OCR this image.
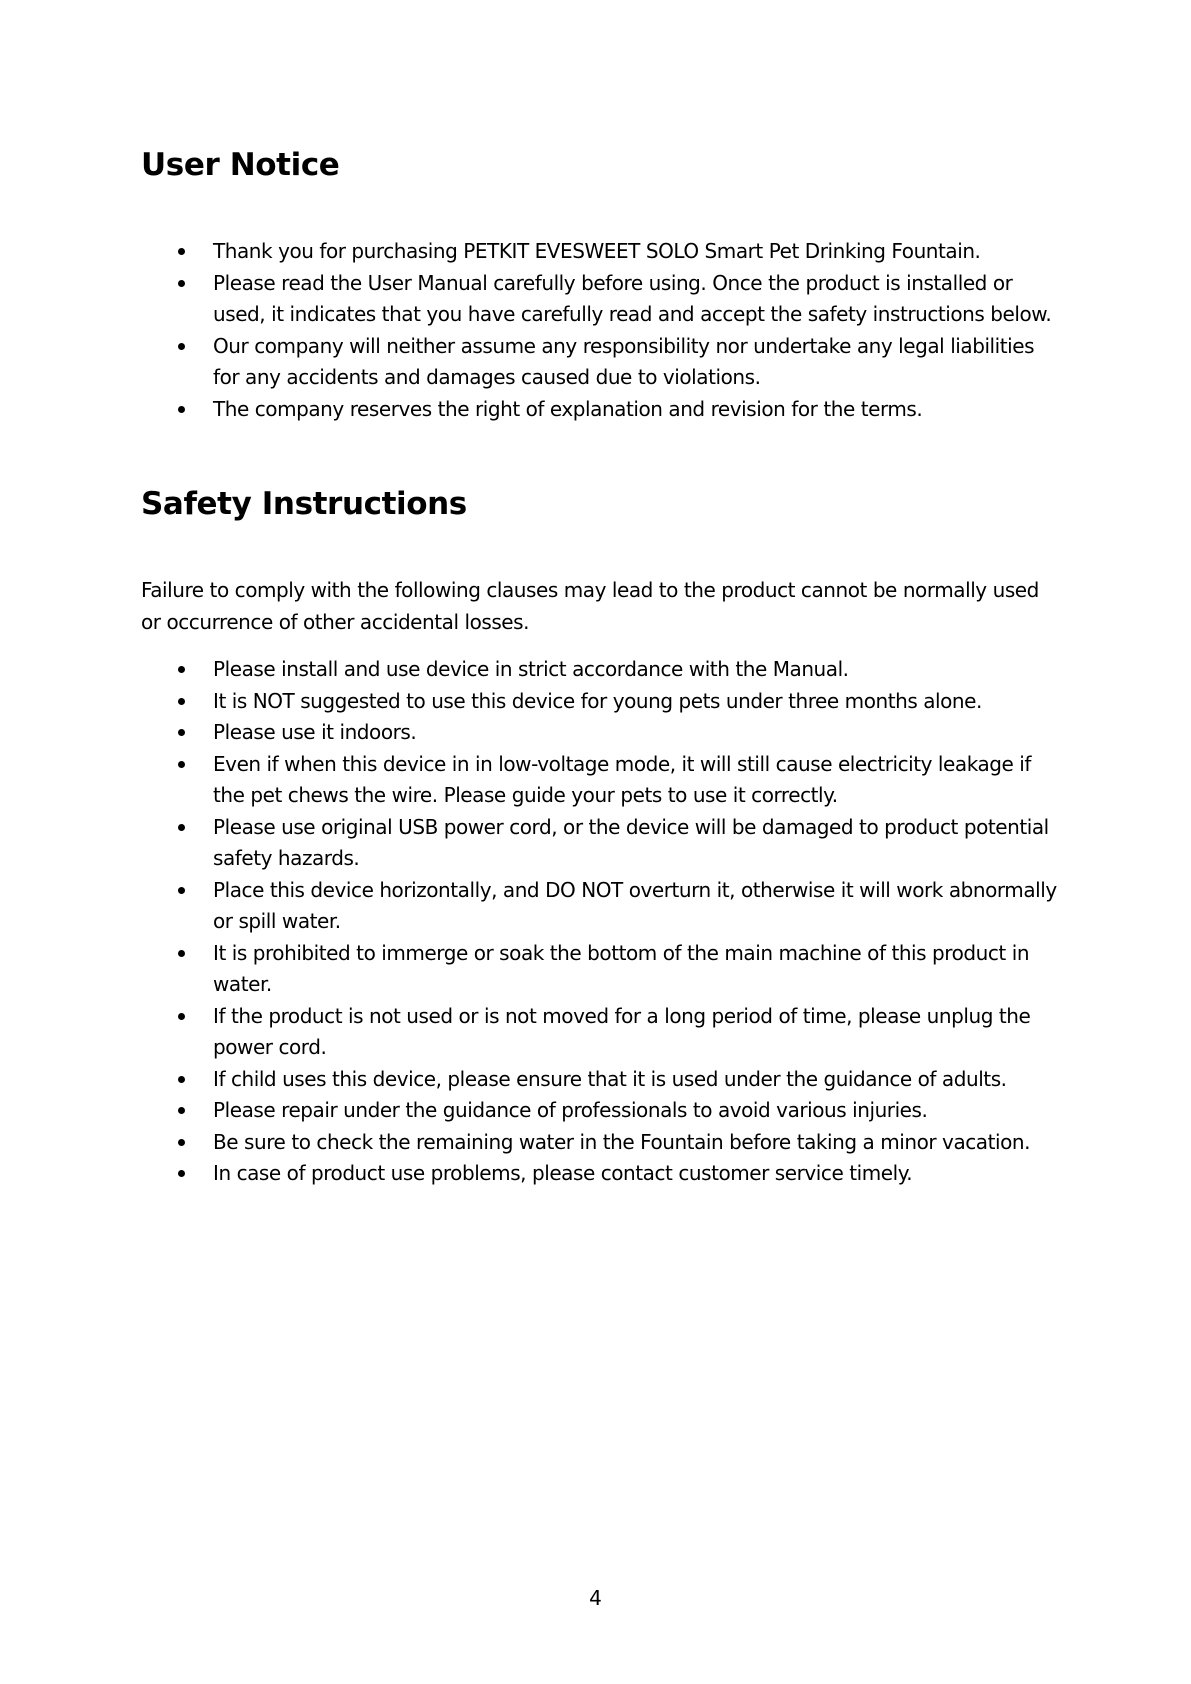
User Notice
Thank you for purchasing PETKIT EVESWEET SOLO Smart Pet Drinking Fountain.
Please read the User Manual carefully before using. Once the product is installed or used, it indicates that you have carefully read and accept the safety instructions below.
Our company will neither assume any responsibility nor undertake any legal liabilities for any accidents and damages caused due to violations.
The company reserves the right of explanation and revision for the terms.
Safety Instructions

Failure to comply with the following clauses may lead to the product cannot be normally used or occurrence of other accidental losses.

Please install and use device in strict accordance with the Manual.
It is NOT suggested to use this device for young pets under three months alone.
Please use it indoors.
Even if when this device in in low-voltage mode, it will still cause electricity leakage if the pet chews the wire. Please guide your pets to use it correctly.
Please use original USB power cord, or the device will be damaged to product potential safety hazards.
Place this device horizontally, and DO NOT overturn it, otherwise it will work abnormally or spill water.
It is prohibited to immerge or soak the bottom of the main machine of this product in water.
If the product is not used or is not moved for a long period of time, please unplug the power cord.
If child uses this device, please ensure that it is used under the guidance of adults.
Please repair under the guidance of professionals to avoid various injuries.
Be sure to check the remaining water in the Fountain before taking a minor vacation.
In case of product use problems, please contact customer service timely.
4
